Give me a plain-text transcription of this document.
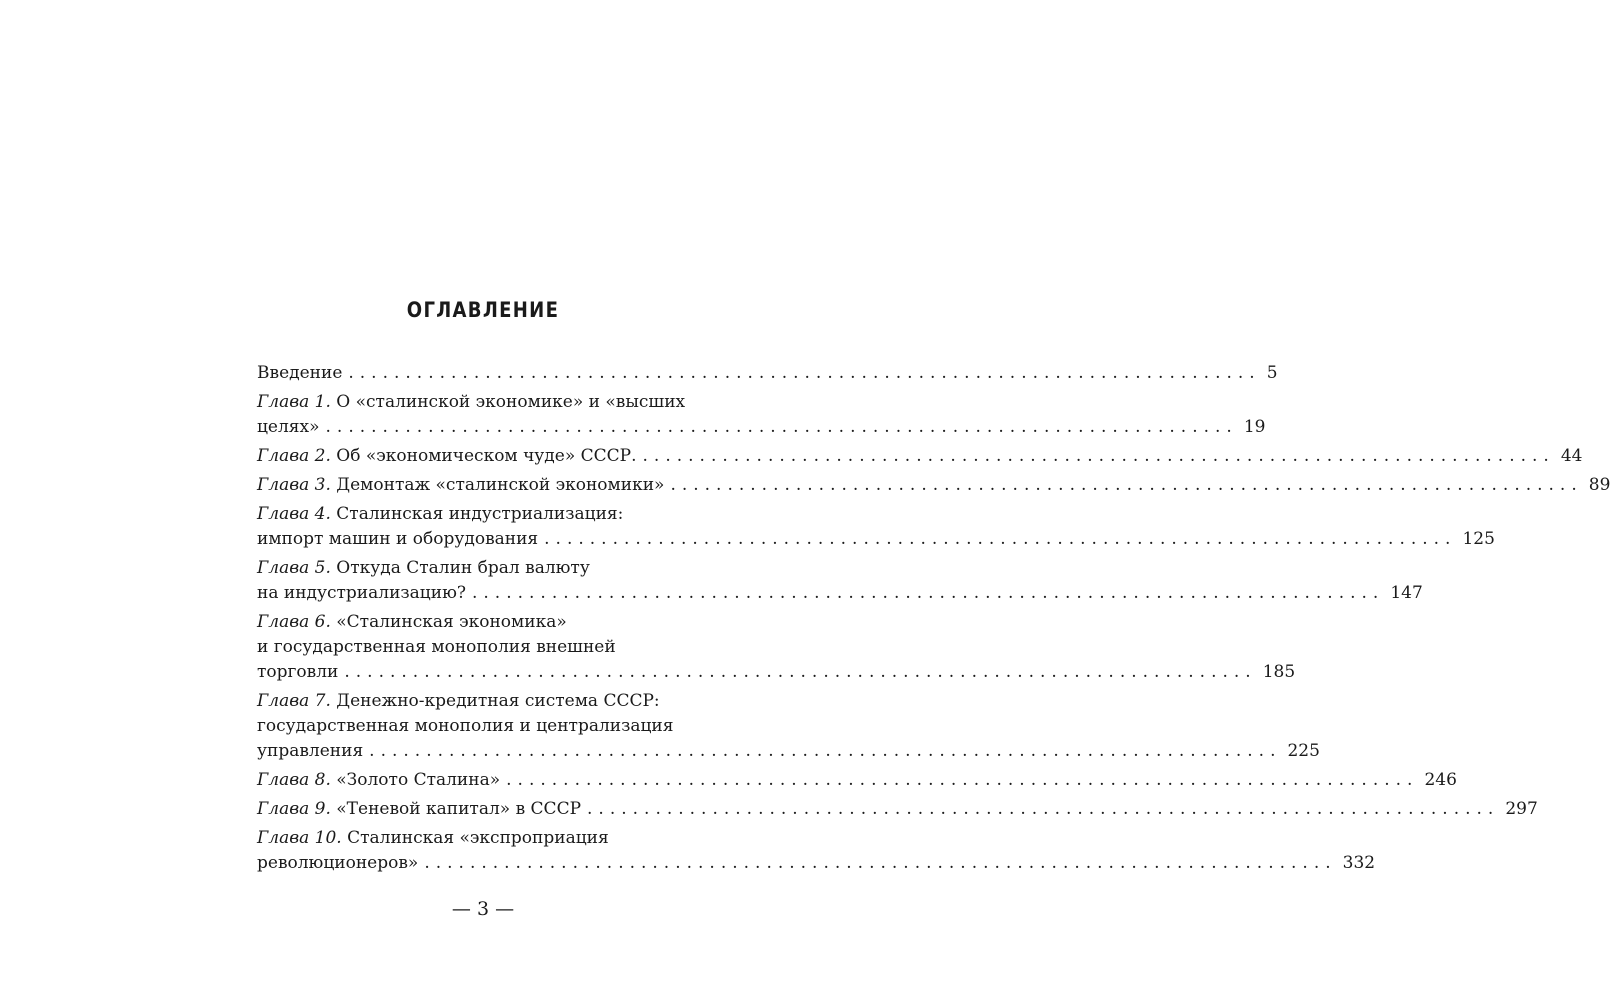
ОГЛАВЛЕНИЕ
Введение ................................................................................ 5
Глава 1. О «сталинской экономике» и «высших
целях» ................................................................................ 19
Глава 2. Об «экономическом чуде» СССР. ................................................................................ 44
Глава 3. Демонтаж «сталинской экономики» ................................................................................ 89
Глава 4. Сталинская индустриализация:
импорт машин и оборудования ................................................................................ 125
Глава 5. Откуда Сталин брал валюту
на индустриализацию? ................................................................................ 147
Глава 6. «Сталинская экономика»
и государственная монополия внешней
торговли ................................................................................ 185
Глава 7. Денежно-кредитная система СССР:
государственная монополия и централизация
управления ................................................................................ 225
Глава 8. «Золото Сталина» ................................................................................ 246
Глава 9. «Теневой капитал» в СССР ................................................................................ 297
Глава 10. Сталинская «экспроприация
революционеров» ................................................................................ 332
— 3 —
